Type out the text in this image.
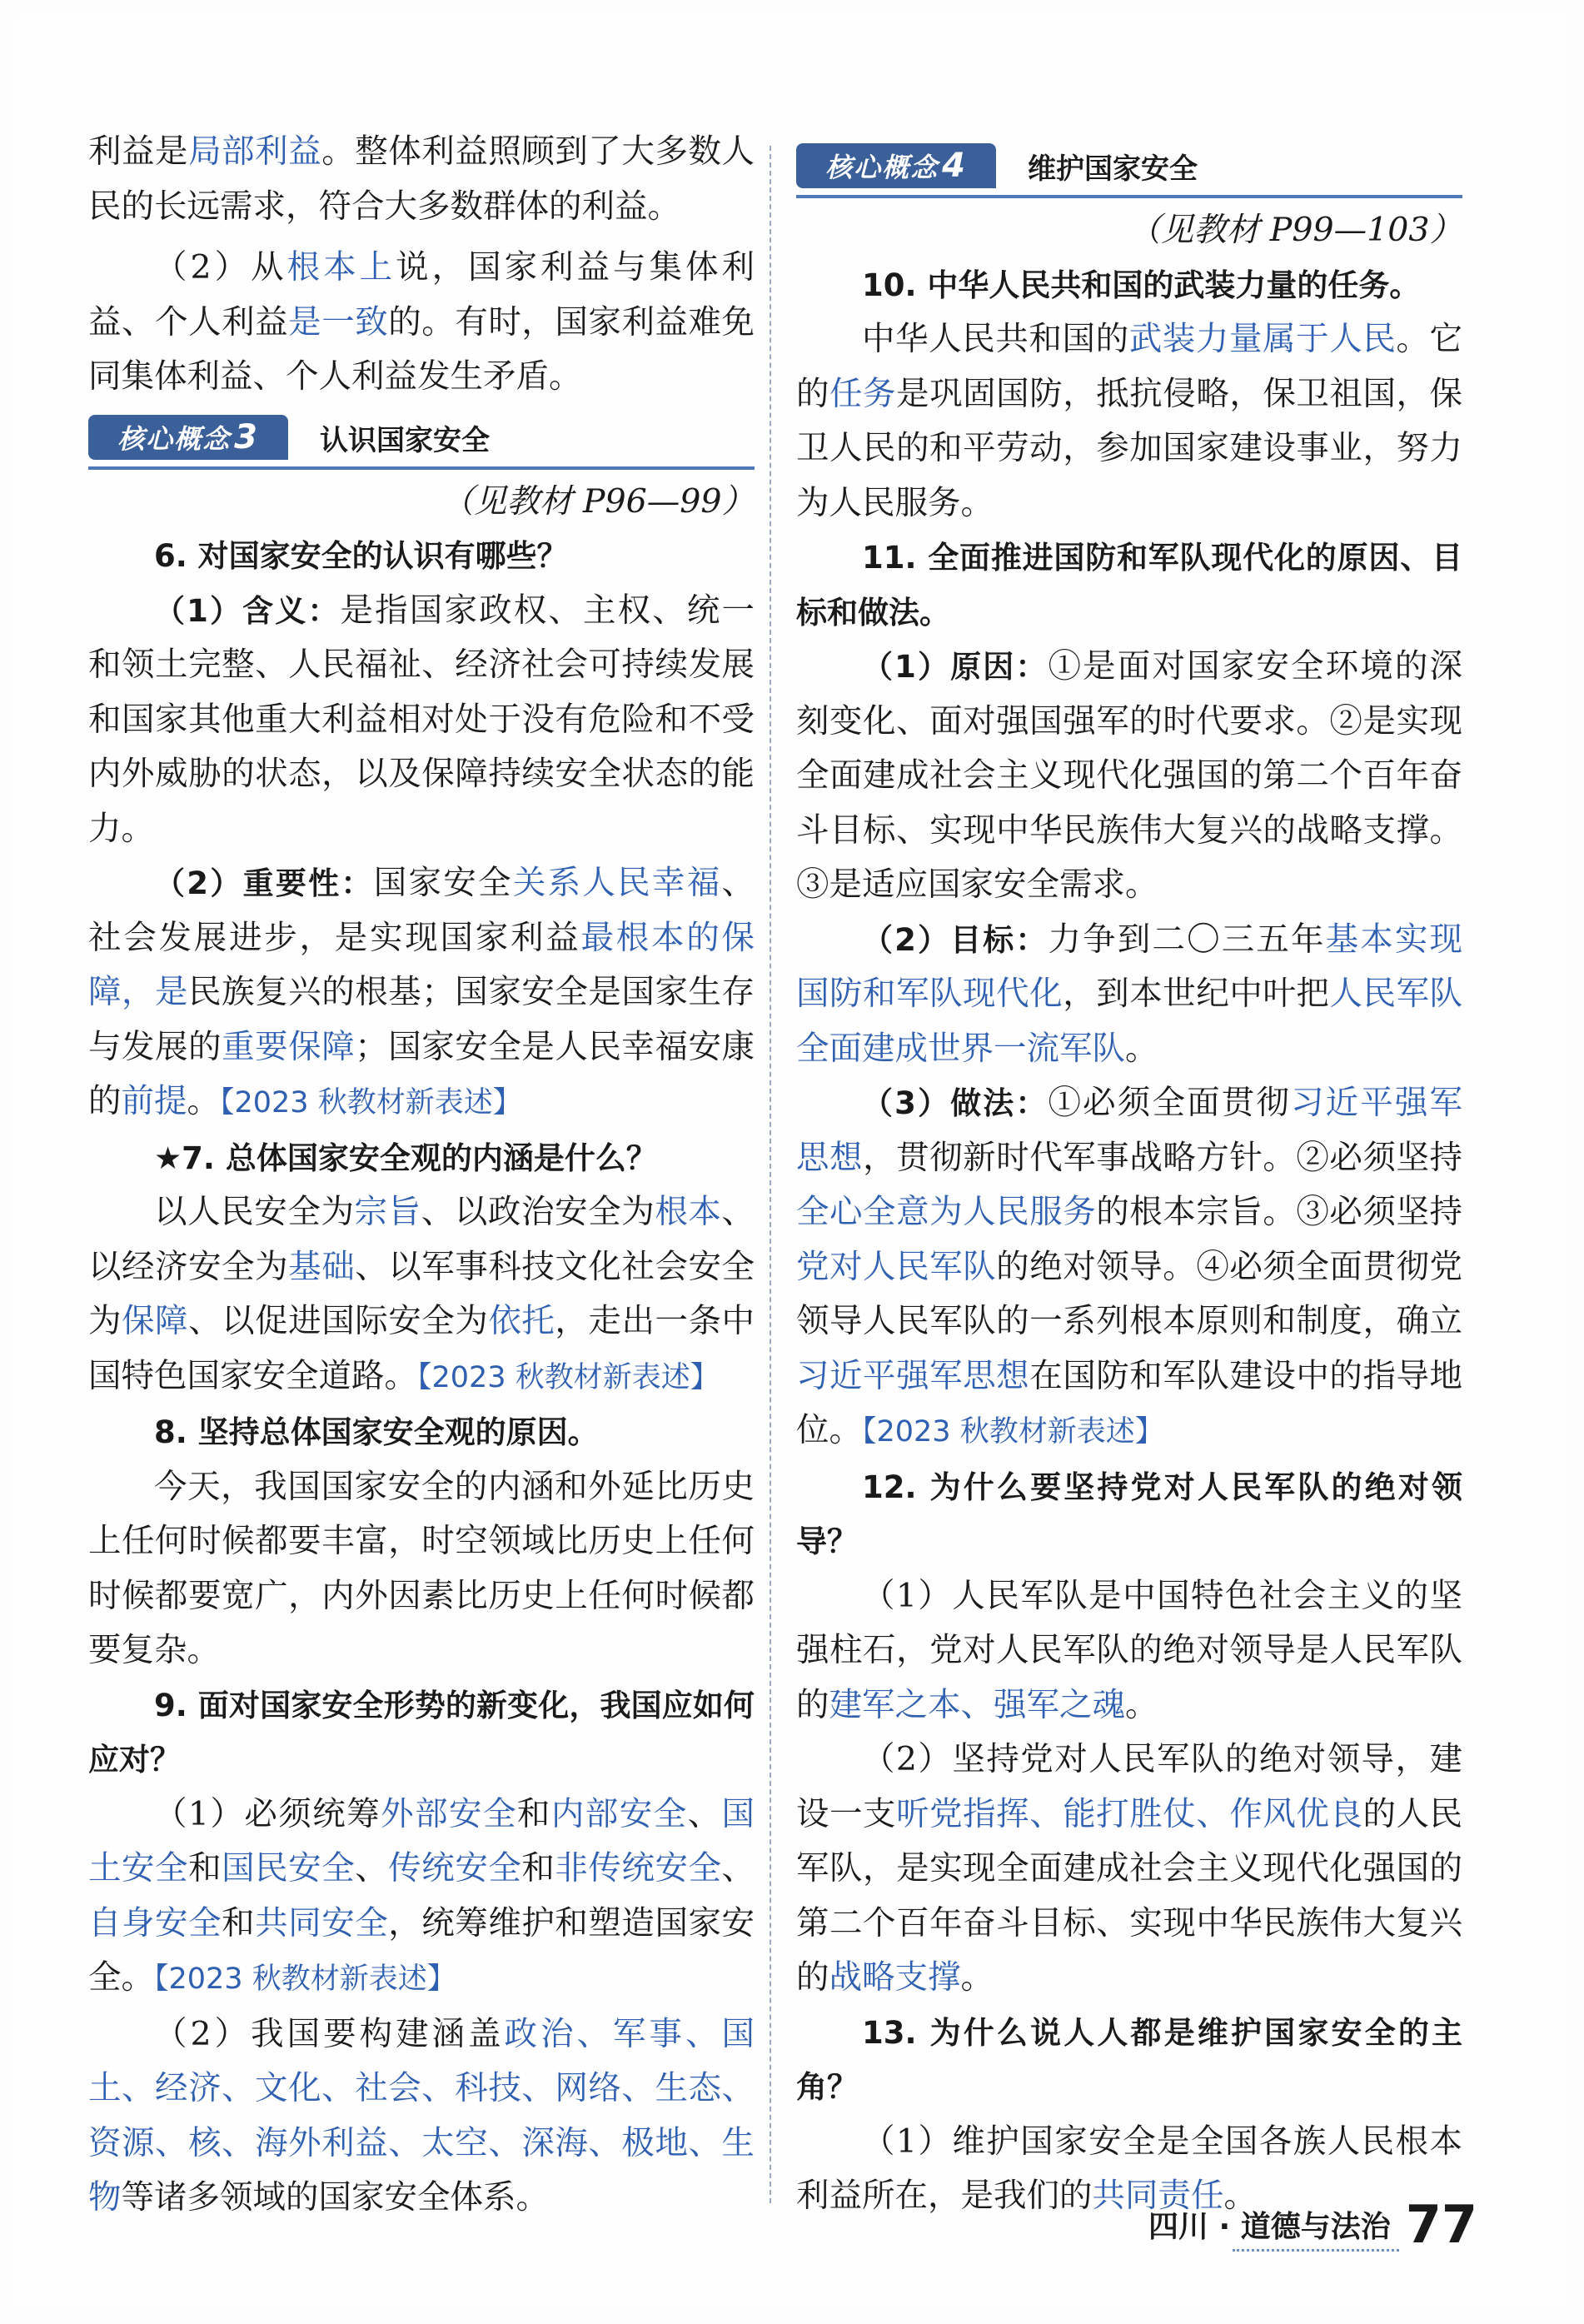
利益是局部利益。整体利益照顾到了大多数人民的长远需求，符合大多数群体的利益。

（2）从根本上说，国家利益与集体利益、个人利益是一致的。有时，国家利益难免同集体利益、个人利益发生矛盾。

核心概念 3	认识国家安全

（见教材 P96—99）

6. 对国家安全的认识有哪些？

（1）含义：是指国家政权、主权、统一和领土完整、人民福祉、经济社会可持续发展和国家其他重大利益相对处于没有危险和不受内外威胁的状态，以及保障持续安全状态的能力。

（2）重要性：国家安全关系人民幸福、社会发展进步，是实现国家利益最根本的保障，是民族复兴的根基；国家安全是国家生存与发展的重要保障；国家安全是人民幸福安康的前提。【2023 秋教材新表述】

★7. 总体国家安全观的内涵是什么？

以人民安全为宗旨、以政治安全为根本、以经济安全为基础、以军事科技文化社会安全为保障、以促进国际安全为依托，走出一条中国特色国家安全道路。【2023 秋教材新表述】

8. 坚持总体国家安全观的原因。

今天，我国国家安全的内涵和外延比历史上任何时候都要丰富，时空领域比历史上任何时候都要宽广，内外因素比历史上任何时候都要复杂。

9. 面对国家安全形势的新变化，我国应如何应对？

（1）必须统筹外部安全和内部安全、国土安全和国民安全、传统安全和非传统安全、自身安全和共同安全，统筹维护和塑造国家安全。【2023 秋教材新表述】

（2）我国要构建涵盖政治、军事、国土、经济、文化、社会、科技、网络、生态、资源、核、海外利益、太空、深海、极地、生物等诸多领域的国家安全体系。

核心概念 4	维护国家安全

（见教材 P99—103）

10. 中华人民共和国的武装力量的任务。

中华人民共和国的武装力量属于人民。它的任务是巩固国防，抵抗侵略，保卫祖国，保卫人民的和平劳动，参加国家建设事业，努力为人民服务。

11. 全面推进国防和军队现代化的原因、目标和做法。

（1）原因：①是面对国家安全环境的深刻变化、面对强国强军的时代要求。②是实现全面建成社会主义现代化强国的第二个百年奋斗目标、实现中华民族伟大复兴的战略支撑。③是适应国家安全需求。

（2）目标：力争到二〇三五年基本实现国防和军队现代化，到本世纪中叶把人民军队全面建成世界一流军队。

（3）做法：①必须全面贯彻习近平强军思想，贯彻新时代军事战略方针。②必须坚持全心全意为人民服务的根本宗旨。③必须坚持党对人民军队的绝对领导。④必须全面贯彻党领导人民军队的一系列根本原则和制度，确立习近平强军思想在国防和军队建设中的指导地位。【2023 秋教材新表述】

12. 为什么要坚持党对人民军队的绝对领导？

（1）人民军队是中国特色社会主义的坚强柱石，党对人民军队的绝对领导是人民军队的建军之本、强军之魂。

（2）坚持党对人民军队的绝对领导，建设一支听党指挥、能打胜仗、作风优良的人民军队，是实现全面建成社会主义现代化强国的第二个百年奋斗目标、实现中华民族伟大复兴的战略支撑。

13. 为什么说人人都是维护国家安全的主角？

（1）维护国家安全是全国各族人民根本利益所在，是我们的共同责任。

四川 · 道德与法治 77
